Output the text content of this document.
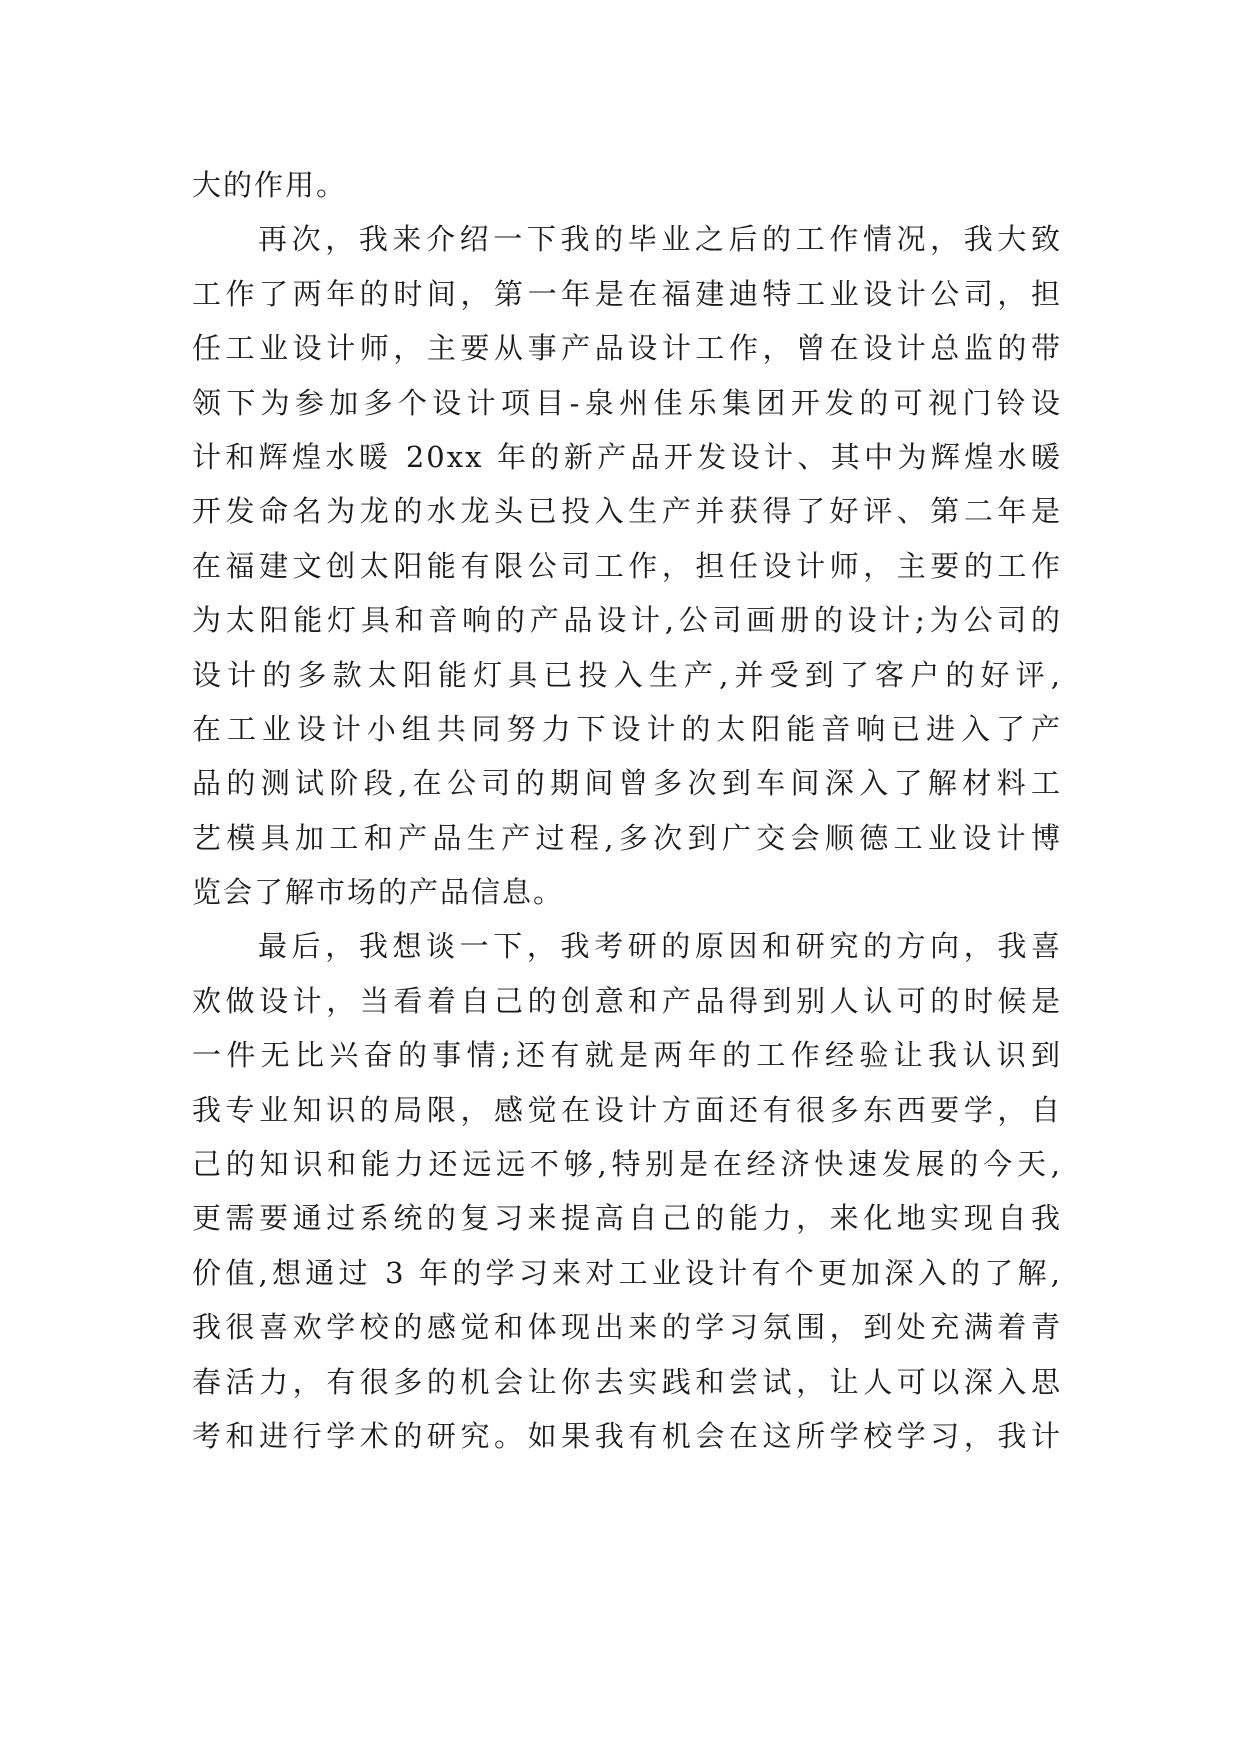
大的作用。
再次，我来介绍一下我的毕业之后的工作情况，我大致
工作了两年的时间，第一年是在福建迪特工业设计公司，担
任工业设计师，主要从事产品设计工作，曾在设计总监的带
领下为参加多个设计项目-泉州佳乐集团开发的可视门铃设
计和辉煌水暖 20xx 年的新产品开发设计、其中为辉煌水暖
开发命名为龙的水龙头已投入生产并获得了好评、第二年是
在福建文创太阳能有限公司工作，担任设计师，主要的工作
为太阳能灯具和音响的产品设计,公司画册的设计;为公司的
设计的多款太阳能灯具已投入生产,并受到了客户的好评,
在工业设计小组共同努力下设计的太阳能音响已进入了产
品的测试阶段,在公司的期间曾多次到车间深入了解材料工
艺模具加工和产品生产过程,多次到广交会顺德工业设计博
览会了解市场的产品信息。
最后，我想谈一下，我考研的原因和研究的方向，我喜
欢做设计，当看着自己的创意和产品得到别人认可的时候是
一件无比兴奋的事情;还有就是两年的工作经验让我认识到
我专业知识的局限，感觉在设计方面还有很多东西要学，自
己的知识和能力还远远不够,特别是在经济快速发展的今天,
更需要通过系统的复习来提高自己的能力，来化地实现自我
价值,想通过 3 年的学习来对工业设计有个更加深入的了解,
我很喜欢学校的感觉和体现出来的学习氛围，到处充满着青
春活力，有很多的机会让你去实践和尝试，让人可以深入思
考和进行学术的研究。如果我有机会在这所学校学习，我计
